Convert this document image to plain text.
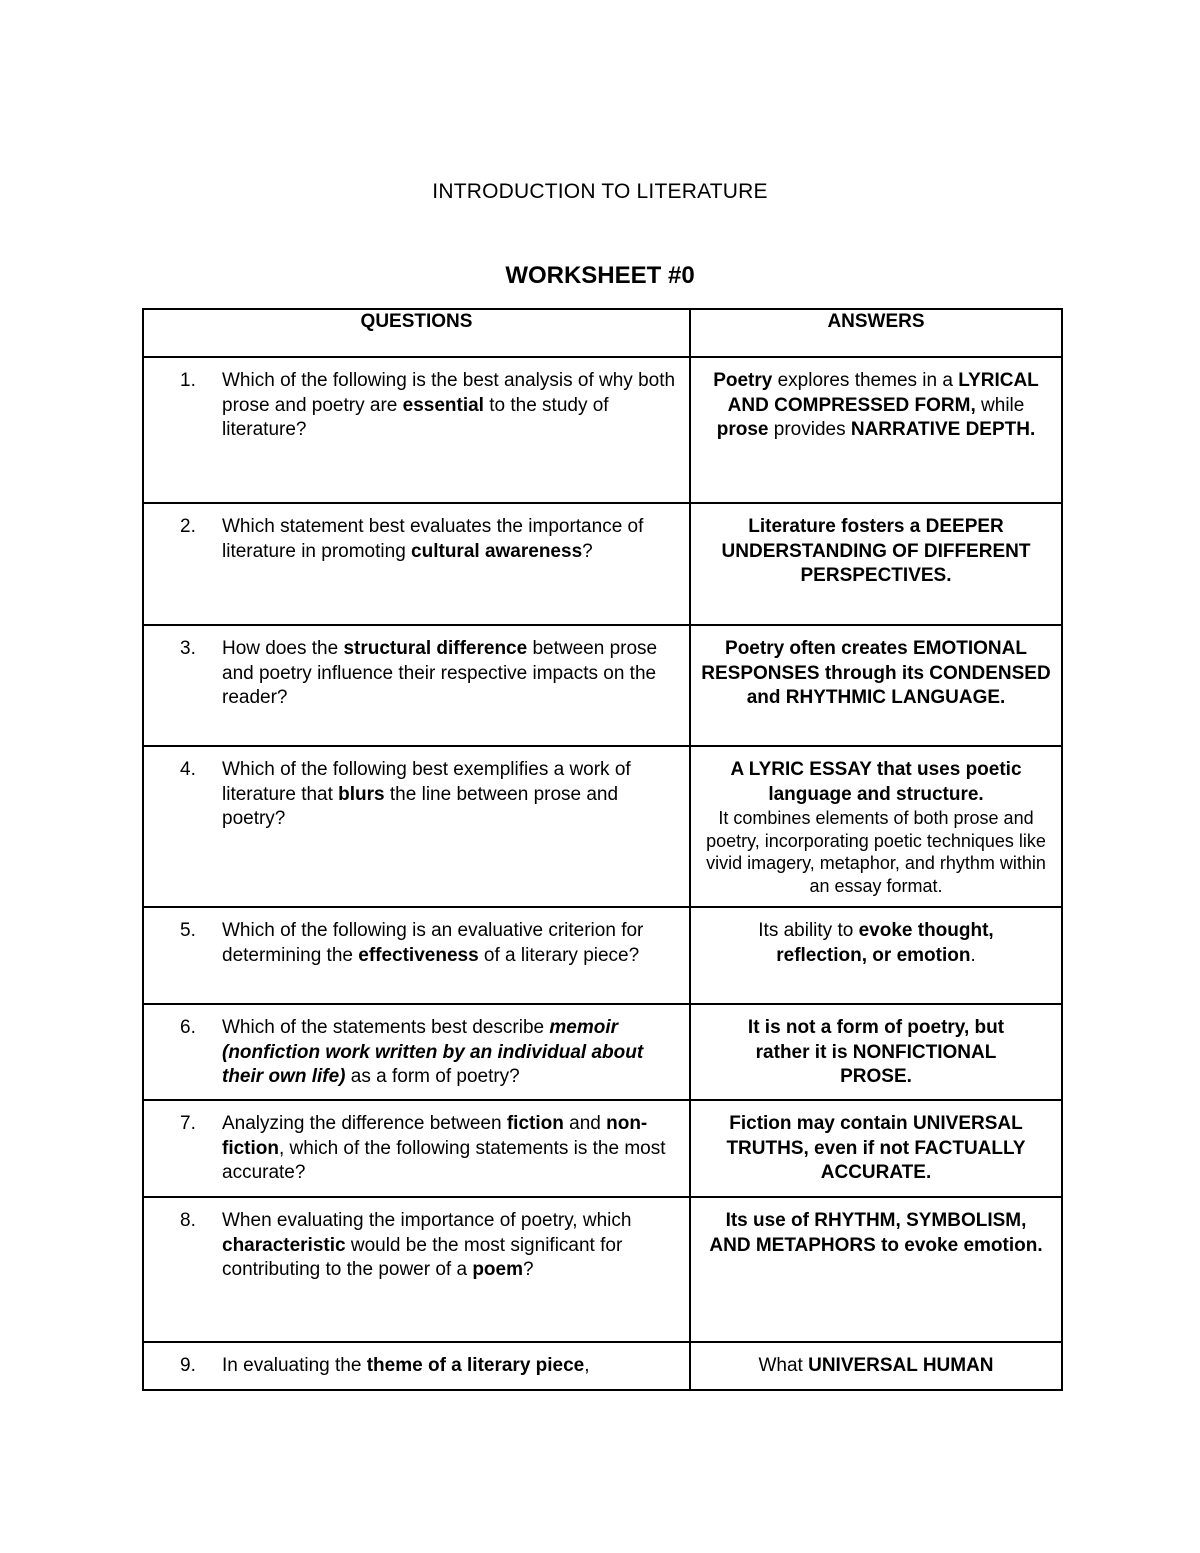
INTRODUCTION TO LITERATURE
WORKSHEET #0
QUESTIONS	ANSWERS

1. Which of the following is the best analysis of why both prose and poetry are essential to the study of literature?	Poetry explores themes in a LYRICAL AND COMPRESSED FORM, while prose provides NARRATIVE DEPTH.

2. Which statement best evaluates the importance of literature in promoting cultural awareness?	Literature fosters a DEEPER UNDERSTANDING OF DIFFERENT PERSPECTIVES.

3. How does the structural difference between prose and poetry influence their respective impacts on the reader?	Poetry often creates EMOTIONAL RESPONSES through its CONDENSED and RHYTHMIC LANGUAGE.

4. Which of the following best exemplifies a work of literature that blurs the line between prose and poetry?	A LYRIC ESSAY that uses poetic language and structure.
It combines elements of both prose and poetry, incorporating poetic techniques like vivid imagery, metaphor, and rhythm within an essay format.

5. Which of the following is an evaluative criterion for determining the effectiveness of a literary piece?	Its ability to evoke thought, reflection, or emotion.

6. Which of the statements best describe memoir (nonfiction work written by an individual about their own life) as a form of poetry?	It is not a form of poetry, but rather it is NONFICTIONAL PROSE.

7. Analyzing the difference between fiction and non-fiction, which of the following statements is the most accurate?	Fiction may contain UNIVERSAL TRUTHS, even if not FACTUALLY ACCURATE.

8. When evaluating the importance of poetry, which characteristic would be the most significant for contributing to the power of a poem?	Its use of RHYTHM, SYMBOLISM, AND METAPHORS to evoke emotion.

9. In evaluating the theme of a literary piece,	What UNIVERSAL HUMAN
